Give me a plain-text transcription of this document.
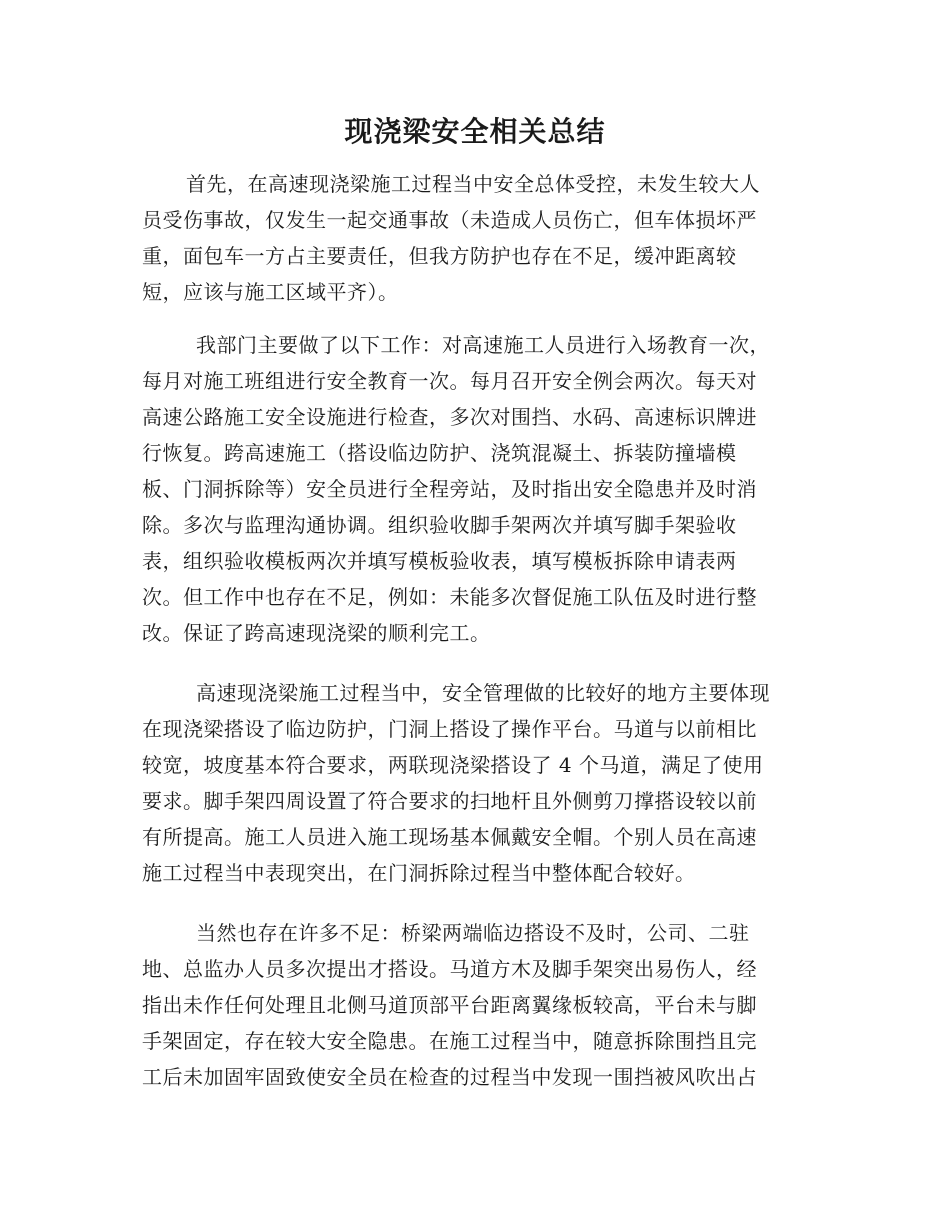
现浇梁安全相关总结
首先，在高速现浇梁施工过程当中安全总体受控，未发生较大人
员受伤事故，仅发生一起交通事故（未造成人员伤亡，但车体损坏严
重，面包车一方占主要责任，但我方防护也存在不足，缓冲距离较
短，应该与施工区域平齐）。
我部门主要做了以下工作：对高速施工人员进行入场教育一次，
每月对施工班组进行安全教育一次。每月召开安全例会两次。每天对
高速公路施工安全设施进行检查，多次对围挡、水码、高速标识牌进
行恢复。跨高速施工（搭设临边防护、浇筑混凝土、拆装防撞墙模
板、门洞拆除等）安全员进行全程旁站，及时指出安全隐患并及时消
除。多次与监理沟通协调。组织验收脚手架两次并填写脚手架验收
表，组织验收模板两次并填写模板验收表，填写模板拆除申请表两
次。但工作中也存在不足，例如：未能多次督促施工队伍及时进行整
改。保证了跨高速现浇梁的顺利完工。
高速现浇梁施工过程当中，安全管理做的比较好的地方主要体现
在现浇梁搭设了临边防护，门洞上搭设了操作平台。马道与以前相比
较宽，坡度基本符合要求，两联现浇梁搭设了 4 个马道，满足了使用
要求。脚手架四周设置了符合要求的扫地杆且外侧剪刀撑搭设较以前
有所提高。施工人员进入施工现场基本佩戴安全帽。个别人员在高速
施工过程当中表现突出，在门洞拆除过程当中整体配合较好。
当然也存在许多不足：桥梁两端临边搭设不及时，公司、二驻
地、总监办人员多次提出才搭设。马道方木及脚手架突出易伤人，经
指出未作任何处理且北侧马道顶部平台距离翼缘板较高，平台未与脚
手架固定，存在较大安全隐患。在施工过程当中，随意拆除围挡且完
工后未加固牢固致使安全员在检查的过程当中发现一围挡被风吹出占
